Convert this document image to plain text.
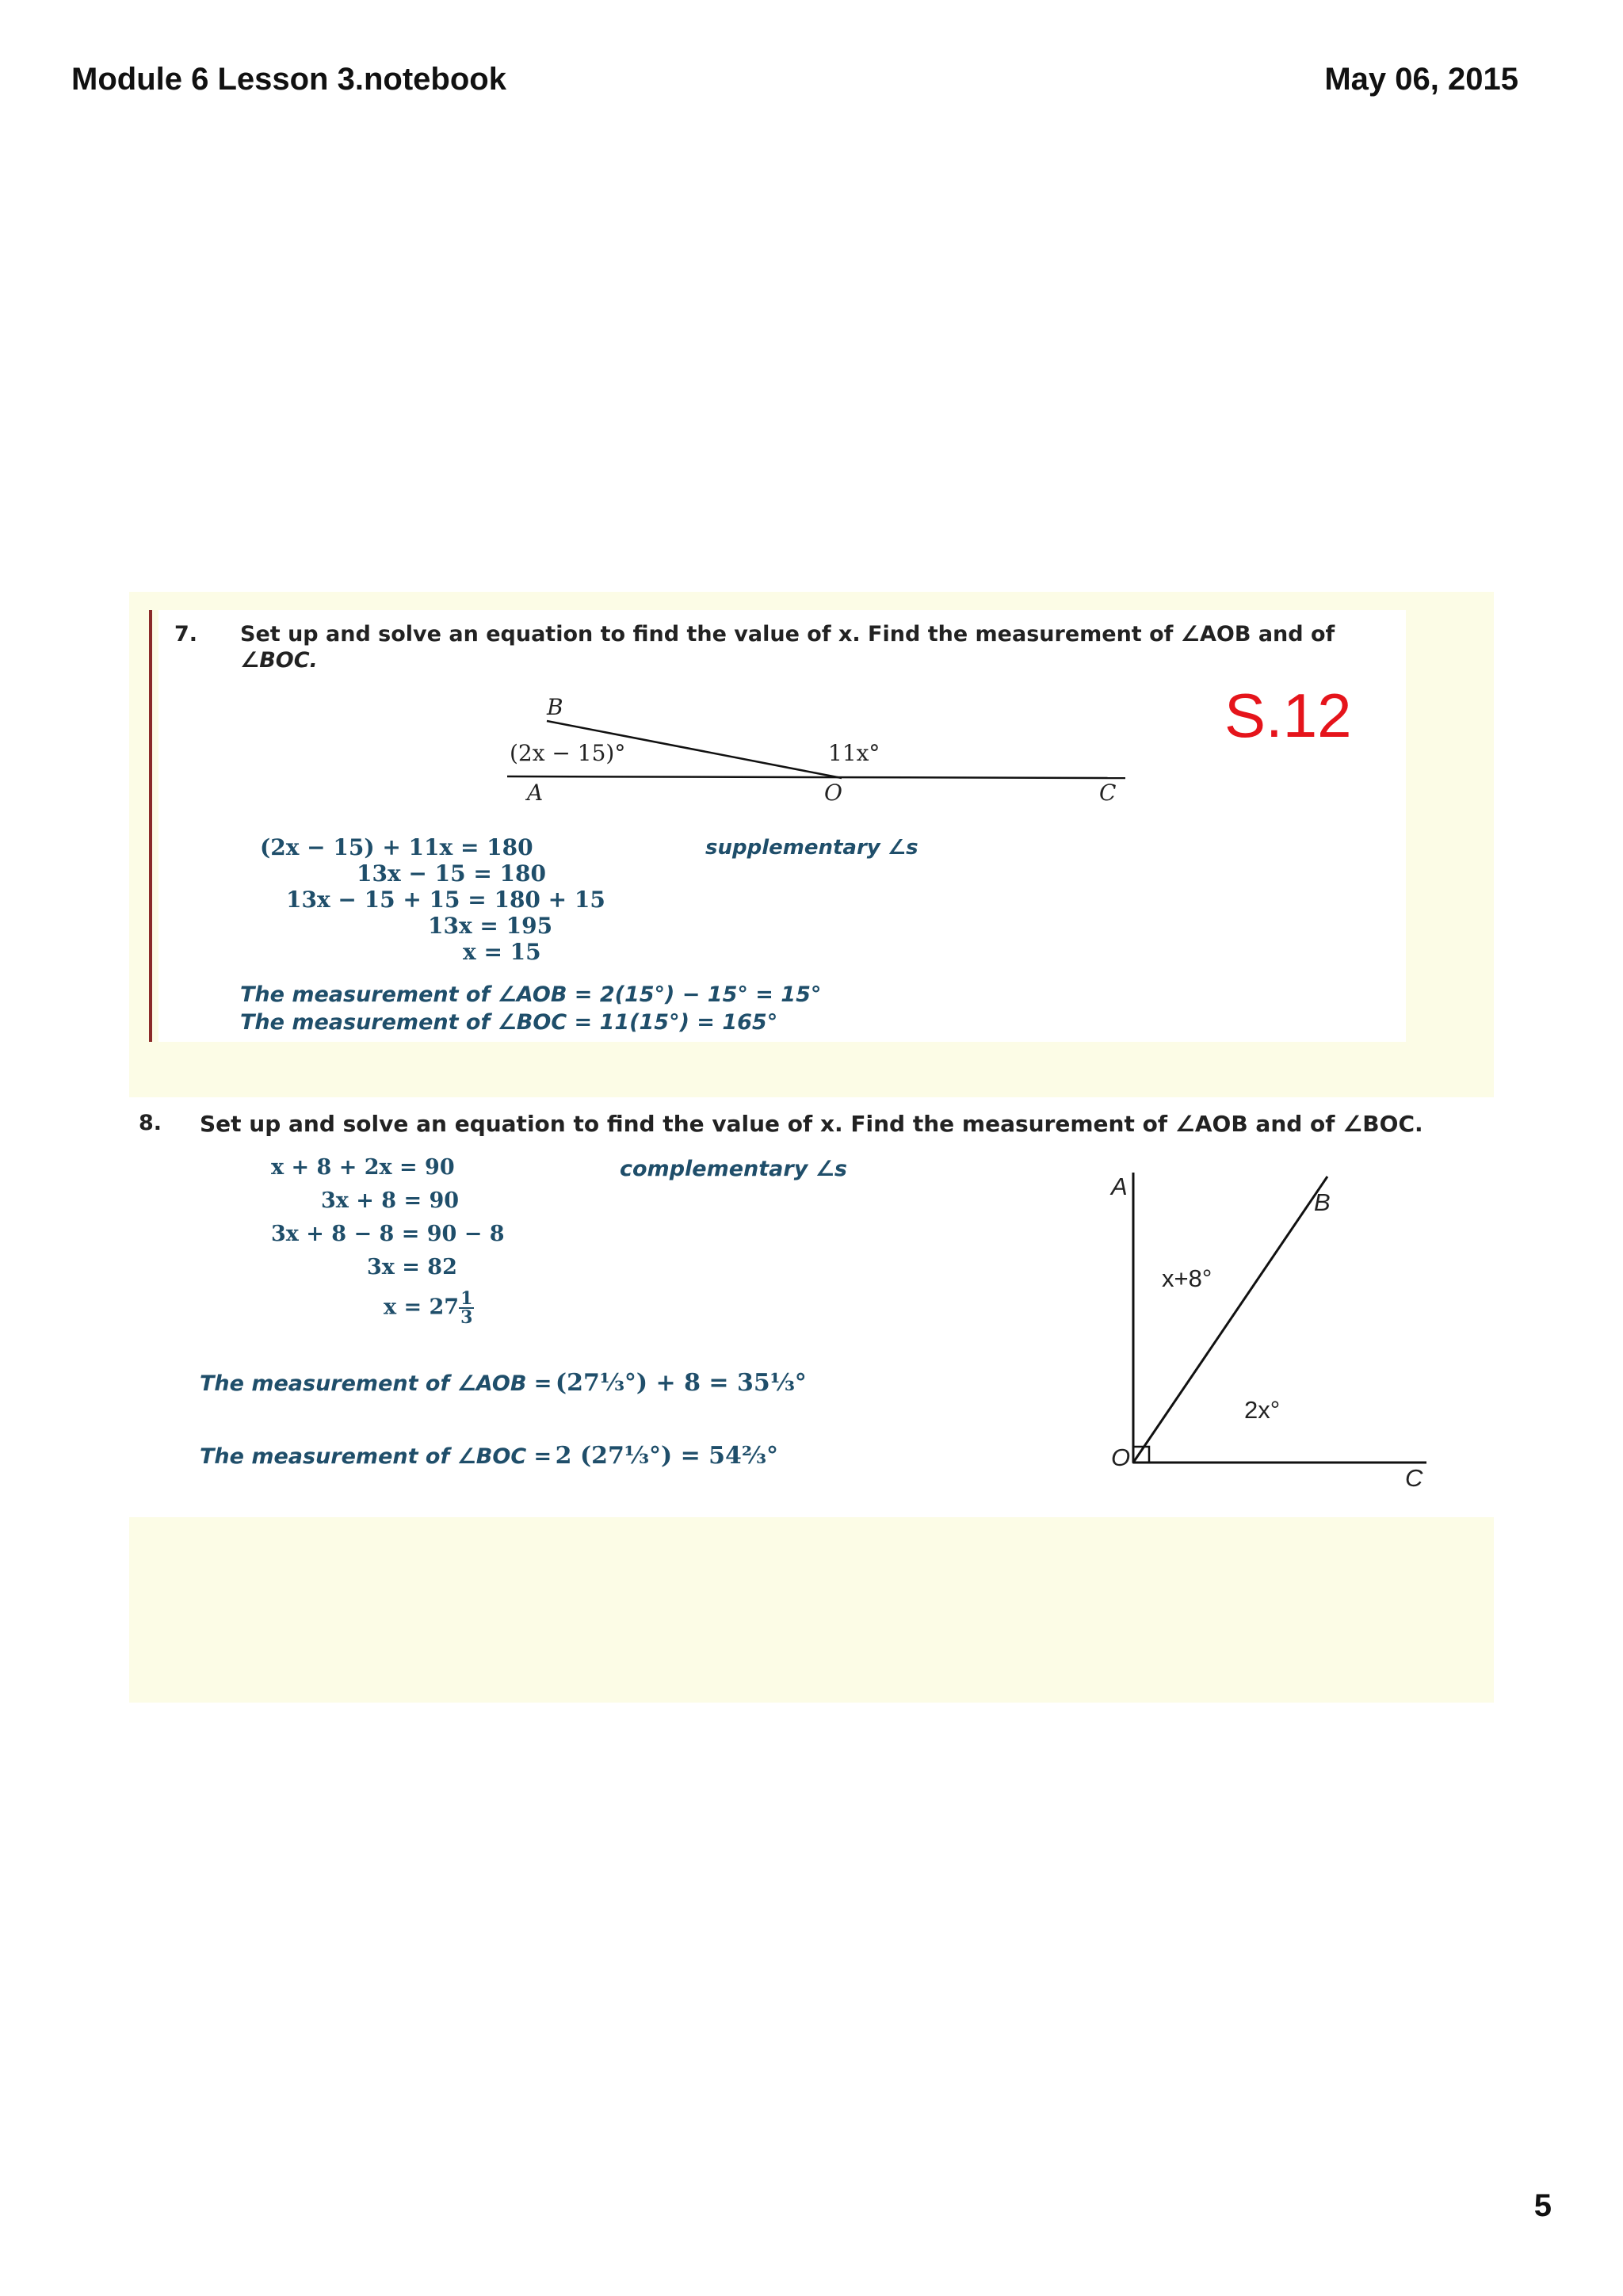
Module 6 Lesson 3.notebook	May 06, 2015
7. Set up and solve an equation to find the value of x. Find the measurement of ∠AOB and of
∠BOC.
S.12
B
(2x − 15)°	11x°
A	O	C
(2x − 15) + 11x = 180
13x − 15 = 180
13x − 15 + 15 = 180 + 15
13x = 195
x = 15
supplementary ∠s
The measurement of ∠AOB = 2(15°) − 15° = 15°
The measurement of ∠BOC = 11(15°) = 165°
8. Set up and solve an equation to find the value of x. Find the measurement of ∠AOB and of ∠BOC.
x + 8 + 2x = 90
3x + 8 = 90
3x + 8 − 8 = 90 − 8
3x = 82
$x = 27 \frac{1}{3}$
complementary ∠s
The measurement of ∠AOB = (27⅓°) + 8 = 35⅓°
The measurement of ∠BOC = 2 (27⅓°) = 54⅔°
A
B
x+8°
2x°
O
C
5
